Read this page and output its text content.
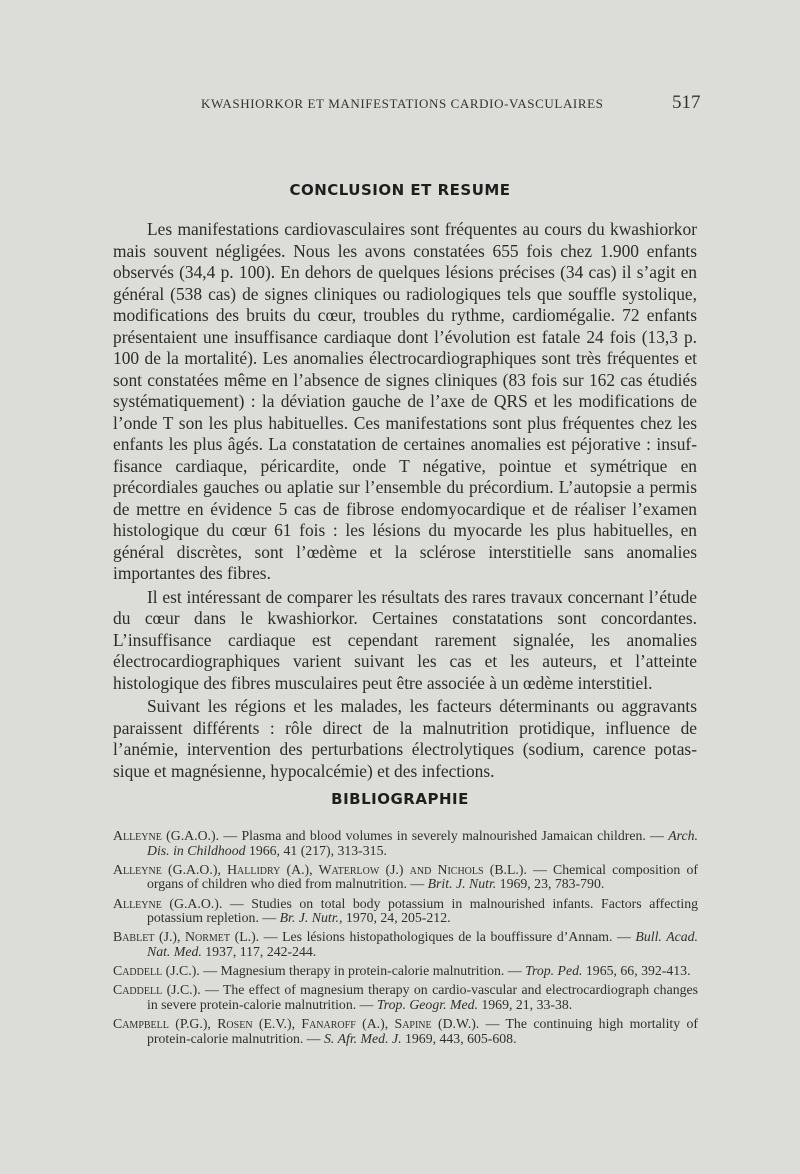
KWASHIORKOR ET MANIFESTATIONS CARDIO-VASCULAIRES	517
CONCLUSION ET RESUME

Les manifestations cardiovasculaires sont fréquentes au cours du kwashiorkor mais souvent négligées. Nous les avons constatées 655 fois chez 1.900 enfants observés (34,4 p. 100). En dehors de quelques lésions précises (34 cas) il s’agit en général (538 cas) de signes cliniques ou radiologiques tels que souffle systolique, modifications des bruits du cœur, troubles du rythme, cardiomégalie. 72 enfants présentaient une insuffisance cardiaque dont l’évolution est fatale 24 fois (13,3 p. 100 de la mortalité). Les anomalies électrocardiographiques sont très fréquentes et sont constatées même en l’absence de signes cliniques (83 fois sur 162 cas étudiés systématiquement) : la déviation gauche de l’axe de QRS et les modifications de l’onde T son les plus habituelles. Ces manifestations sont plus fréquentes chez les enfants les plus âgés. La constatation de certaines anomalies est péjorative : insuffisance cardiaque, péricardite, onde T négative, pointue et symétrique en précordiales gauches ou aplatie sur l’ensemble du précordium. L’autopsie a permis de mettre en évidence 5 cas de fibrose endomyocardique et de réaliser l’examen histologique du cœur 61 fois : les lésions du myocarde les plus habituelles, en général discrètes, sont l’œdème et la sclérose interstitielle sans anomalies importantes des fibres.

Il est intéressant de comparer les résultats des rares travaux concernant l’étude du cœur dans le kwashiorkor. Certaines constatations sont concordantes. L’insuffisance cardiaque est cependant rarement signalée, les anomalies électrocardiographiques varient suivant les cas et les auteurs, et l’atteinte histologique des fibres musculaires peut être associée à un œdème interstitiel.

Suivant les régions et les malades, les facteurs déterminants ou aggravants paraissent différents : rôle direct de la malnutrition protidique, influence de l’anémie, intervention des perturbations électrolytiques (sodium, carence potassique et magnésienne, hypocalcémie) et des infections.

BIBLIOGRAPHIE

Alleyne (G.A.O.). — Plasma and blood volumes in severely malnourished Jamaican children. — Arch. Dis. in Childhood 1966, 41 (217), 313-315.

Alleyne (G.A.O.), Hallidry (A.), Waterlow (J.) and Nichols (B.L.). — Chemical composition of organs of children who died from malnutrition. — Brit. J. Nutr. 1969, 23, 783-790.

Alleyne (G.A.O.). — Studies on total body potassium in malnourished infants. Factors affecting potassium repletion. — Br. J. Nutr., 1970, 24, 205-212.

Bablet (J.), Normet (L.). — Les lésions histopathologiques de la bouffissure d’Annam. — Bull. Acad. Nat. Med. 1937, 117, 242-244.

Caddell (J.C.). — Magnesium therapy in protein-calorie malnutrition. — Trop. Ped. 1965, 66, 392-413.

Caddell (J.C.). — The effect of magnesium therapy on cardio-vascular and electrocardiograph changes in severe protein-calorie malnutrition. — Trop. Geogr. Med. 1969, 21, 33-38.

Campbell (P.G.), Rosen (E.V.), Fanaroff (A.), Sapine (D.W.). — The continuing high mortality of protein-calorie malnutrition. — S. Afr. Med. J. 1969, 443, 605-608.
